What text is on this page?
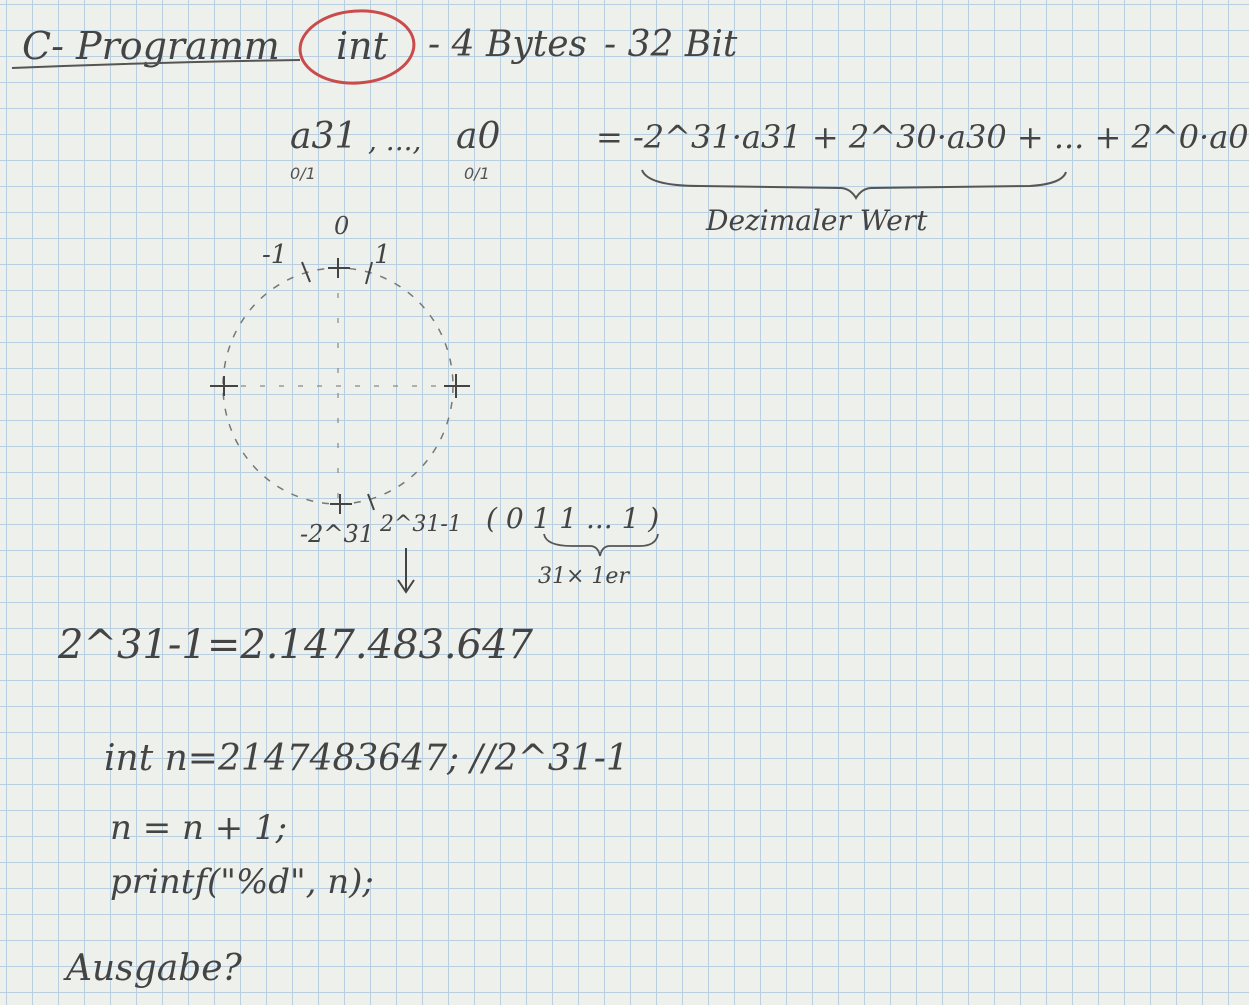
C- Programm int - 4 Bytes - 32 Bit
a31 , ..., a0
0/1	0/1
= -2^31·a31 + 2^30·a30 + ... + 2^0·a0
Dezimaler Wert
0
-1	1
-2^31 2^31-1 ( 0 1 1 ... 1 )
31× 1er
2^31-1=2.147.483.647
int n=2147483647; //2^31-1
n = n + 1;
printf("%d", n);
Ausgabe?
